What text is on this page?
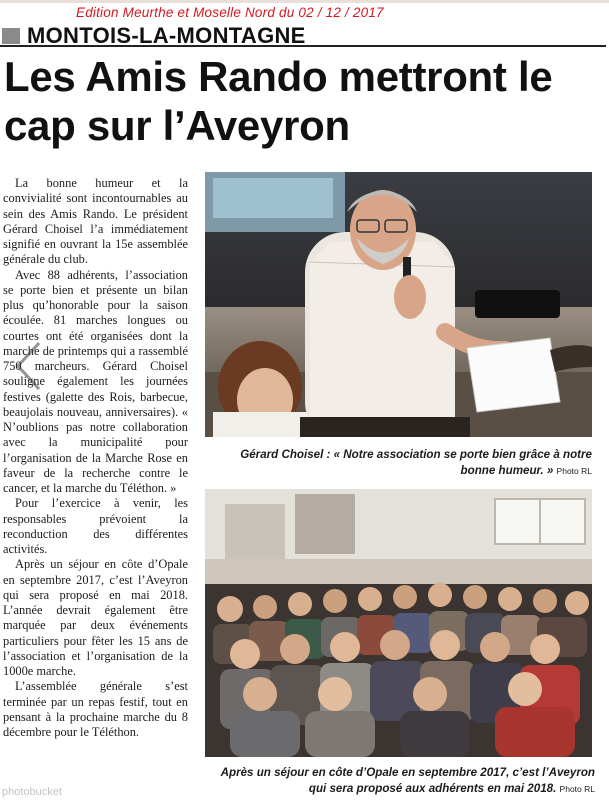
Edition Meurthe et Moselle Nord du 02 / 12 / 2017
MONTOIS-LA-MONTAGNE
Les Amis Rando mettront le cap sur l’Aveyron

La bonne humeur et la convivialité sont incontournables au sein des Amis Rando. Le président Gérard Choisel l’a immédiatement signifié en ouvrant la 15e assemblée générale du club.

Avec 88 adhérents, l’association se porte bien et présente un bilan plus qu’honorable pour la saison écoulée. 81 marches longues ou courtes ont été organisées dont la marche de printemps qui a rassemblé 750 marcheurs. Gérard Choisel souligne également les journées festives (galette des Rois, barbecue, beaujolais nouveau, anniversaires). « N’oublions pas notre collaboration avec la municipalité pour l’organisation de la Marche Rose en faveur de la recherche contre le cancer, et la marche du Téléthon. »

Pour l’exercice à venir, les responsables prévoient la reconduction des différentes activités.

Après un séjour en côte d’Opale en septembre 2017, c’est l’Aveyron qui sera proposé en mai 2018. L’année devrait également être marquée par deux événements particuliers pour fêter les 15 ans de l’association et l’organisation de la 1000e marche.

L’assemblée générale s’est terminée par un repas festif, tout en pensant à la prochaine marche du 8 décembre pour le Téléthon.

Gérard Choisel : « Notre association se porte bien grâce à notre bonne humeur. » Photo RL
Après un séjour en côte d’Opale en septembre 2017, c’est l’Aveyron qui sera proposé aux adhérents en mai 2018. Photo RL
photobucket
